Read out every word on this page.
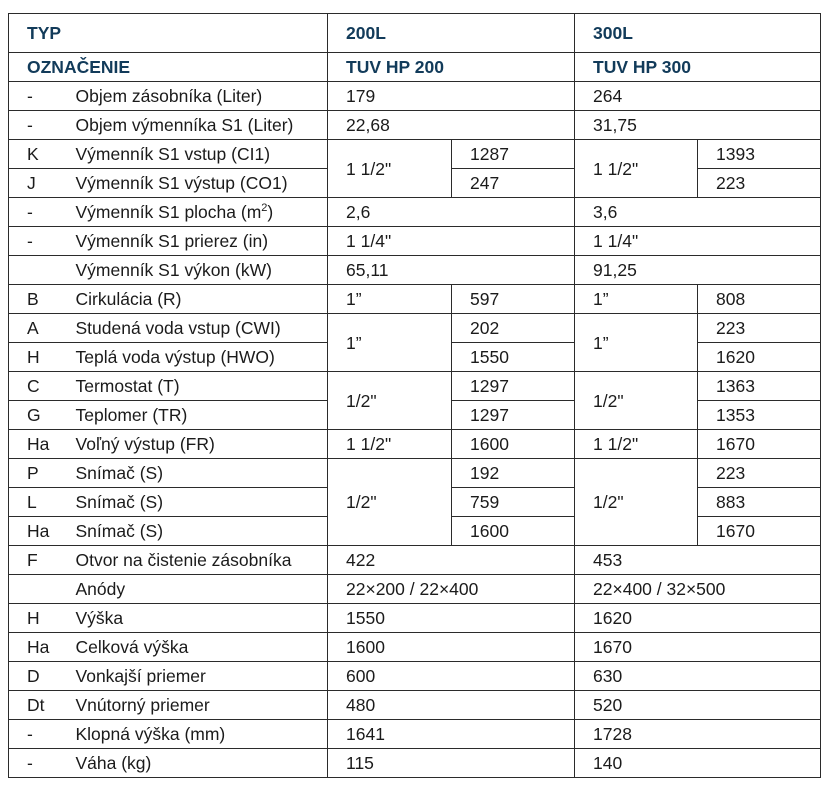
TYP		200L		300L	
OZNAČENIE		TUV HP 200		TUV HP 300	
-	Objem zásobníka (Liter)	179		264	
-	Objem výmenníka S1 (Liter)	22,68		31,75	
K	Výmenník S1 vstup (CI1)	1 1/2"	1287	1 1/2"	1393
J	Výmenník S1 výstup (CO1)		247		223
-	Výmenník S1 plocha $(m^2)$	2,6		3,6	
-	Výmenník S1 prierez (in)	1 1/4"		1 1/4"	
	Výmenník S1 výkon (kW)	65,11		91,25	
B	Cirkulácia (R)	1”	597	1”	808
A	Studená voda vstup (CWI)	1”	202	1”	223
H	Teplá voda výstup (HWO)		1550		1620
C	Termostat (T)	1/2"	1297	1/2"	1363
G	Teplomer (TR)		1297		1353
Ha	Voľný výstup (FR)	1 1/2"	1600	1 1/2"	1670
P	Snímač (S)	1/2"	192	1/2"	223
L	Snímač (S)		759		883
Ha	Snímač (S)		1600		1670
F	Otvor na čistenie zásobníka	422		453	
	Anódy	22×200 / 22×400		22×400 / 32×500	
H	Výška	1550		1620	
Ha	Celková výška	1600		1670	
D	Vonkajší priemer	600		630	
Dt	Vnútorný priemer	480		520	
-	Klopná výška (mm)	1641		1728	
-	Váha (kg)	115		140	
